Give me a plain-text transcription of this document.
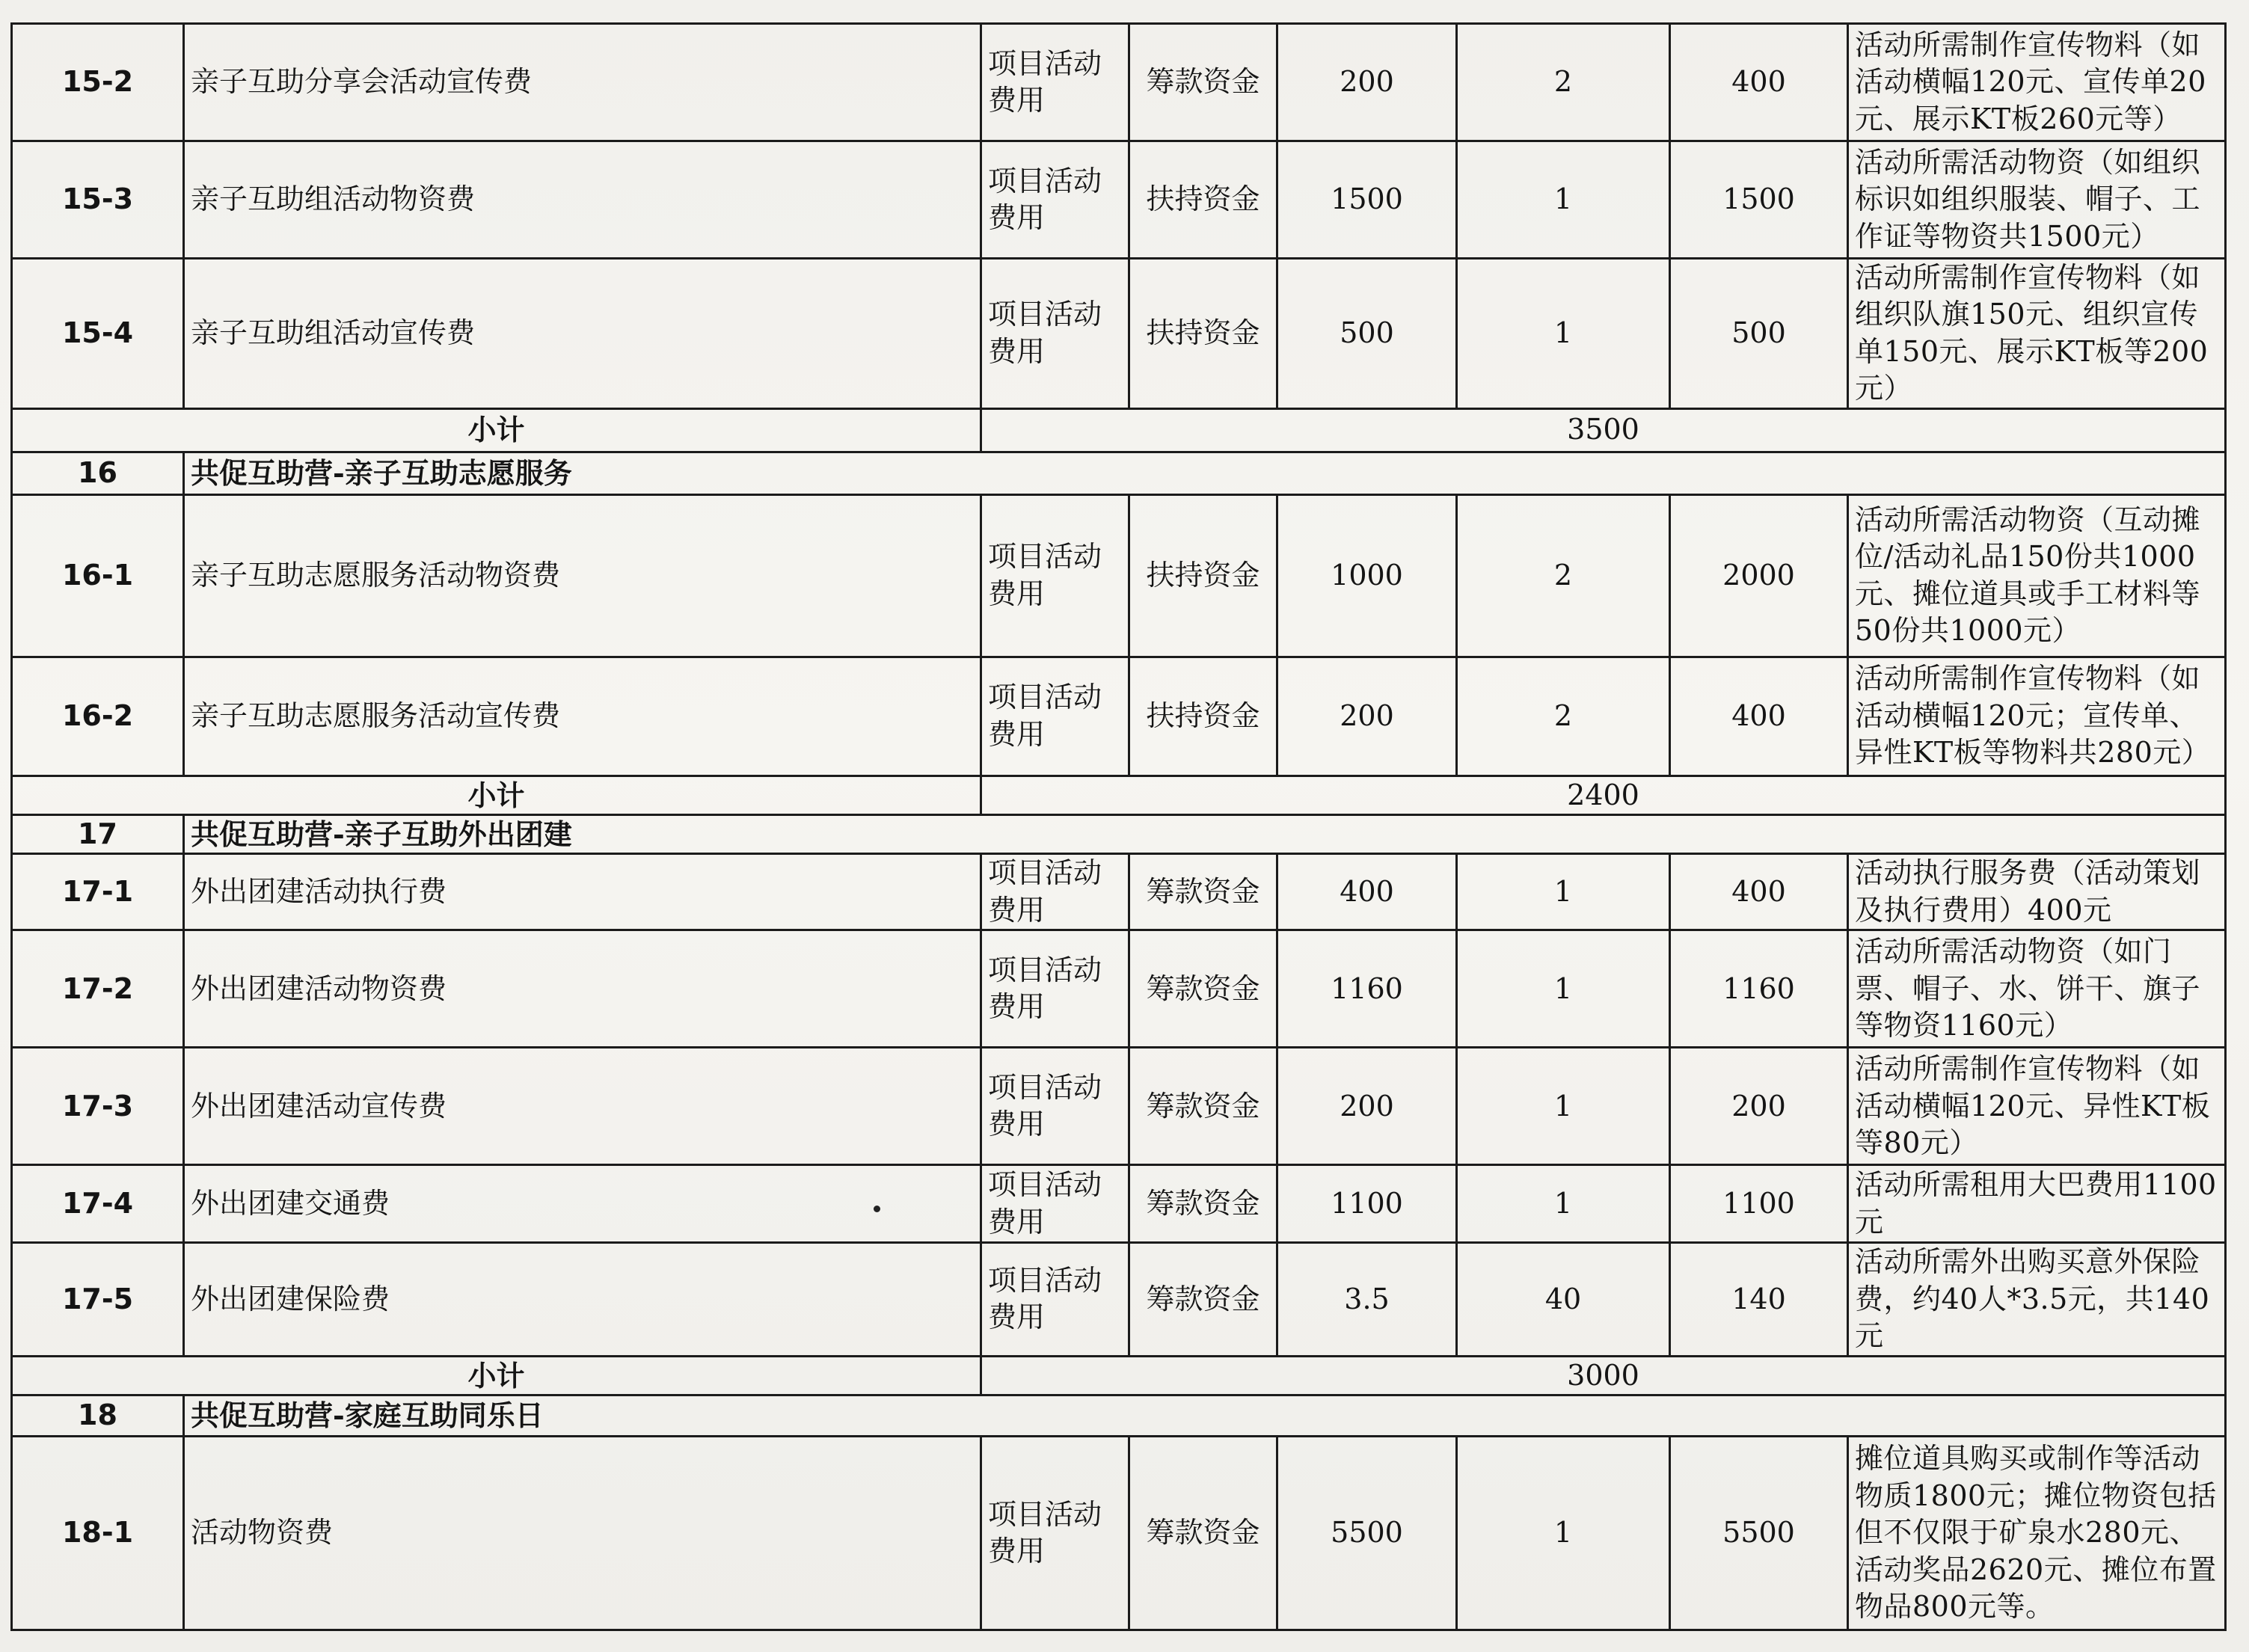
15-2	亲子互助分享会活动宣传费	项目活动费用	筹款资金	200	2	400	活动所需制作宣传物料（如活动横幅120元、宣传单20元、展示KT板260元等）
15-3	亲子互助组活动物资费	项目活动费用	扶持资金	1500	1	1500	活动所需活动物资（如组织标识如组织服装、帽子、工作证等物资共1500元）
15-4	亲子互助组活动宣传费	项目活动费用	扶持资金	500	1	500	活动所需制作宣传物料（如组织队旗150元、组织宣传单150元、展示KT板等200元）
小计		3500					
16	共促互助营-亲子互助志愿服务						
16-1	亲子互助志愿服务活动物资费	项目活动费用	扶持资金	1000	2	2000	活动所需活动物资（互动摊位/活动礼品150份共1000元、摊位道具或手工材料等50份共1000元）
16-2	亲子互助志愿服务活动宣传费	项目活动费用	扶持资金	200	2	400	活动所需制作宣传物料（如活动横幅120元；宣传单、异性KT板等物料共280元）
小计		2400					
17	共促互助营-亲子互助外出团建						
17-1	外出团建活动执行费	项目活动费用	筹款资金	400	1	400	活动执行服务费（活动策划及执行费用）400元
17-2	外出团建活动物资费	项目活动费用	筹款资金	1160	1	1160	活动所需活动物资（如门票、帽子、水、饼干、旗子等物资1160元）
17-3	外出团建活动宣传费	项目活动费用	筹款资金	200	1	200	活动所需制作宣传物料（如活动横幅120元、异性KT板等80元）
17-4	外出团建交通费	项目活动费用	筹款资金	1100	1	1100	活动所需租用大巴费用1100元
17-5	外出团建保险费	项目活动费用	筹款资金	3.5	40	140	活动所需外出购买意外保险费，约40人*3.5元，共140元
小计		3000					
18	共促互助营-家庭互助同乐日						
18-1	活动物资费	项目活动费用	筹款资金	5500	1	5500	摊位道具购买或制作等活动物质1800元；摊位物资包括但不仅限于矿泉水280元、活动奖品2620元、摊位布置物品800元等。
